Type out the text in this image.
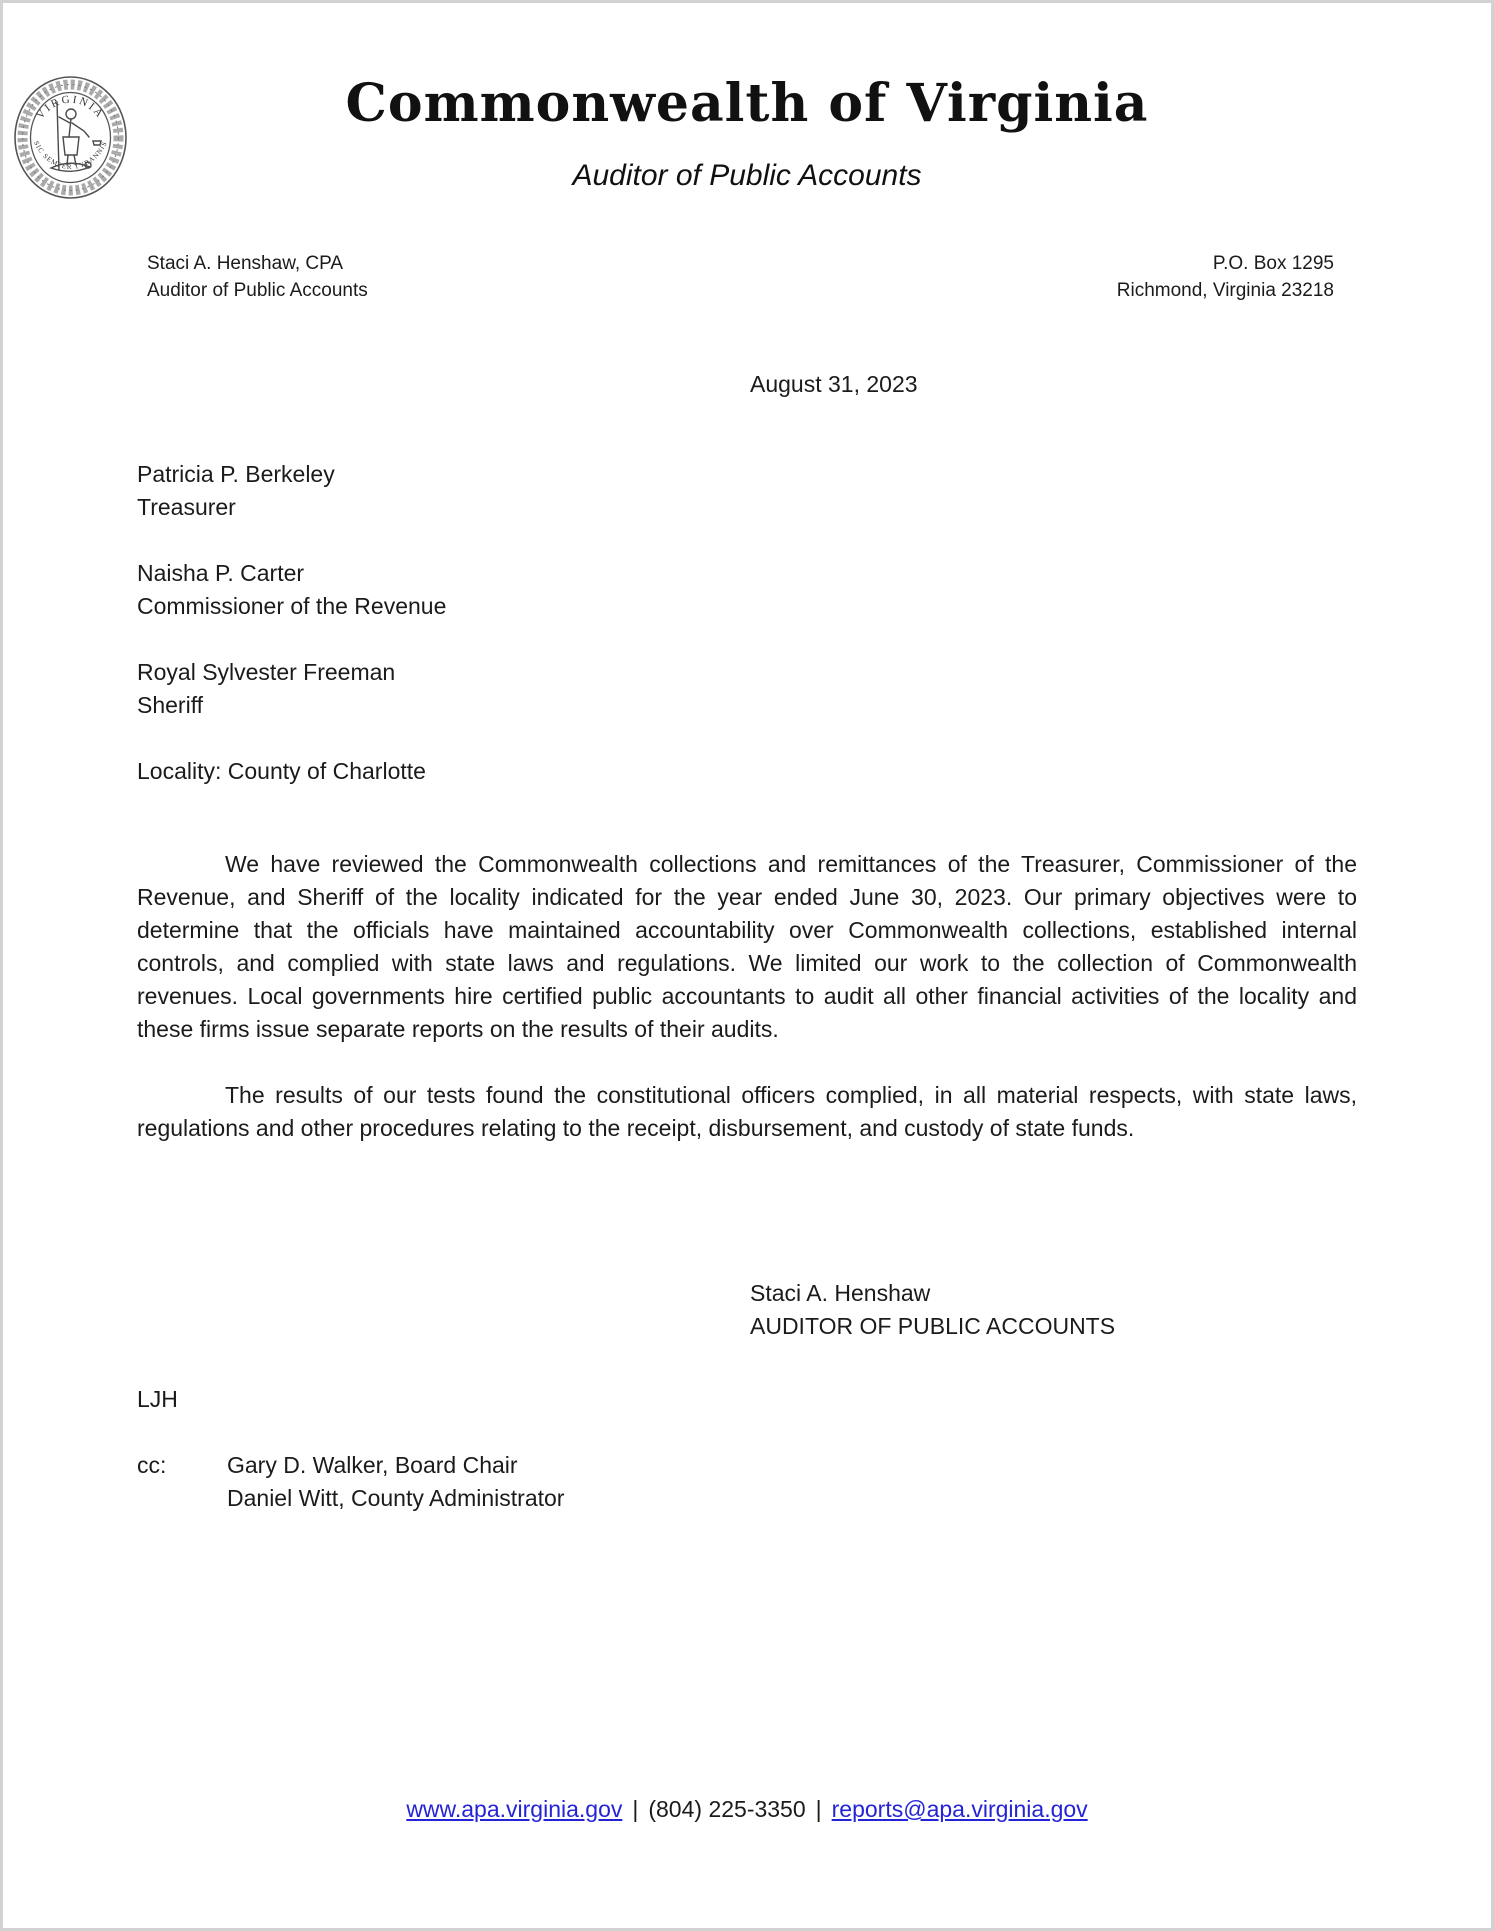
VIRGINIA
SIC SEMPER TYRANNIS
Commonwealth of Virginia
Auditor of Public Accounts
Staci A. Henshaw, CPA
Auditor of Public Accounts
P.O. Box 1295
Richmond, Virginia 23218
August 31, 2023
Patricia P. Berkeley
Treasurer
Naisha P. Carter
Commissioner of the Revenue
Royal Sylvester Freeman
Sheriff
Locality: County of Charlotte

We have reviewed the Commonwealth collections and remittances of the Treasurer, Commissioner of the Revenue, and Sheriff of the locality indicated for the year ended June 30, 2023. Our primary objectives were to determine that the officials have maintained accountability over Commonwealth collections, established internal controls, and complied with state laws and regulations. We limited our work to the collection of Commonwealth revenues. Local governments hire certified public accountants to audit all other financial activities of the locality and these firms issue separate reports on the results of their audits.

The results of our tests found the constitutional officers complied, in all material respects, with state laws, regulations and other procedures relating to the receipt, disbursement, and custody of state funds.

Staci A. Henshaw
AUDITOR OF PUBLIC ACCOUNTS
LJH
cc:	Gary D. Walker, Board Chair
Daniel Witt, County Administrator
www.apa.virginia.gov | (804) 225-3350 | reports@apa.virginia.gov
